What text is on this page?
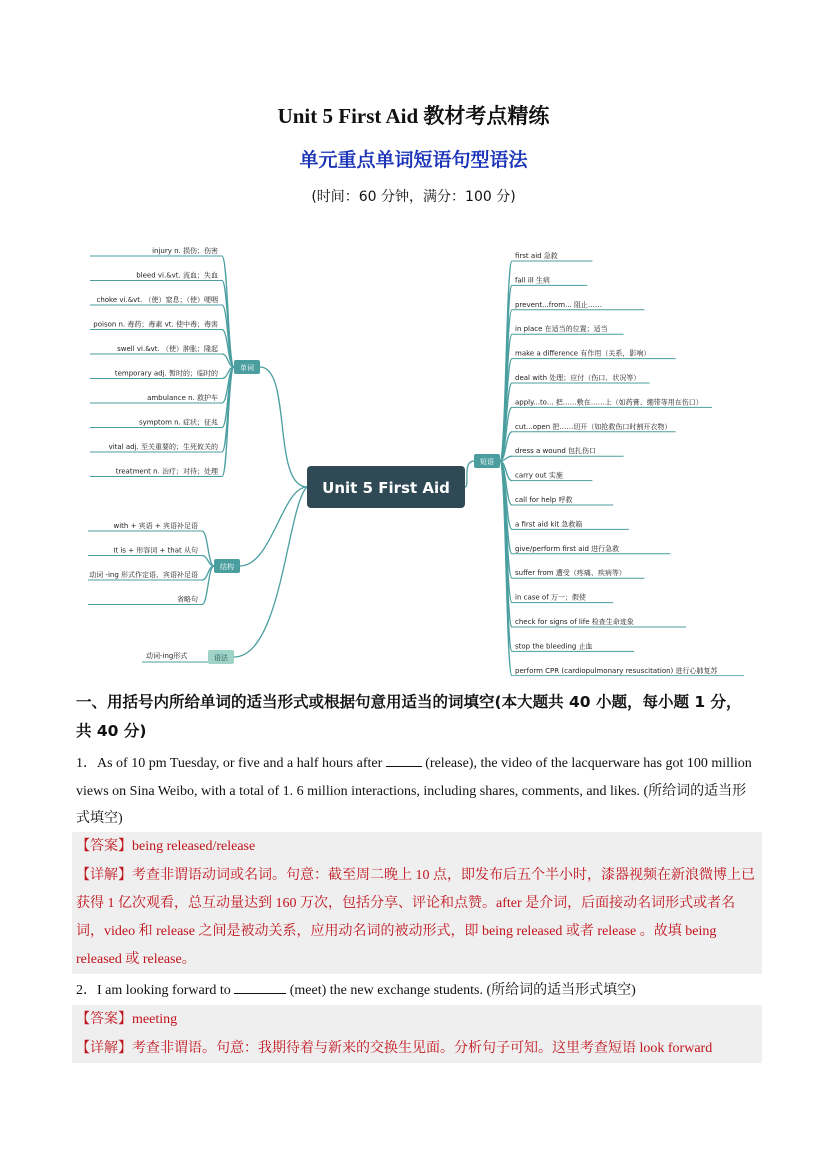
Unit 5 First Aid 教材考点精练
单元重点单词短语句型语法
(时间：60 分钟，满分：100 分)
Unit 5 First Aid
单词
injury n. 损伤；伤害
bleed vi.&vt. 流血；失血
choke vi.&vt. （使）窒息；（使）哽咽
poison n. 毒药；毒素 vt. 使中毒；毒害
swell vi.&vt. （使）肿胀；隆起
temporary adj. 暂时的；临时的
ambulance n. 救护车
symptom n. 症状；征兆
vital adj. 至关重要的；生死攸关的
treatment n. 治疗；对待；处理
结构
with + 宾语 + 宾语补足语
It is + 形容词 + that 从句
动词 -ing 形式作定语、宾语补足语
省略句
语法
动词-ing形式
短语
first aid 急救
fall ill 生病
prevent...from... 阻止……
in place 在适当的位置；适当
make a difference 有作用（关系，影响）
deal with 处理；应付（伤口、状况等）
apply...to... 把……敷在……上（如药膏、绷带等用在伤口）
cut...open 把……切开（如抢救伤口时割开衣物）
dress a wound 包扎伤口
carry out 实施
call for help 呼救
a first aid kit 急救箱
give/perform first aid 进行急救
suffer from 遭受（疼痛、疾病等）
in case of 万一；假使
check for signs of life 检查生命迹象
stop the bleeding 止血
perform CPR (cardiopulmonary resuscitation) 进行心肺复苏
一、用括号内所给单词的适当形式或根据句意用适当的词填空(本大题共 40 小题，每小题 1 分，共 40 分)
1．As of 10 pm Tuesday, or five and a half hours after	(release), the video of the lacquerware has got 100 million views on Sina Weibo, with a total of 1. 6 million interactions, including shares, comments, and likes. (所给词的适当形式填空)
【答案】being released/release
【详解】考查非谓语动词或名词。句意：截至周二晚上 10 点，即发布后五个半小时，漆器视频在新浪微博上已获得 1 亿次观看，总互动量达到 160 万次，包括分享、评论和点赞。after 是介词，后面接动名词形式或者名词，video 和 release 之间是被动关系，应用动名词的被动形式，即 being released 或者 release 。故填 being released 或 release。
2．I am looking forward to	(meet) the new exchange students. (所给词的适当形式填空)
【答案】meeting
【详解】考查非谓语。句意：我期待着与新来的交换生见面。分析句子可知。这里考查短语 look forward
